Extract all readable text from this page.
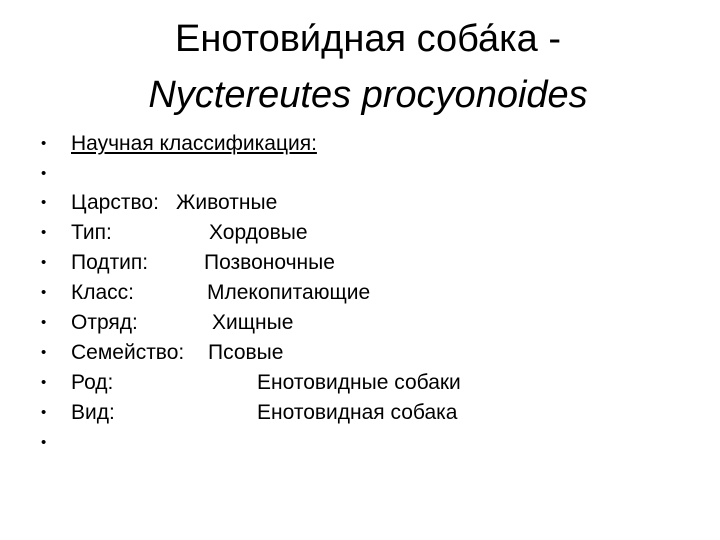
Енотови́дная соба́ка -
Nyctereutes procyonoides
• Научная классификация:
•
• Царство: Животные
• Тип:	Хордовые
• Подтип:	Позвоночные
• Класс:	Млекопитающие
• Отряд:	Хищные
• Семейство: Псовые
• Род:	Енотовидные собаки
• Вид:	Енотовидная собака
•
